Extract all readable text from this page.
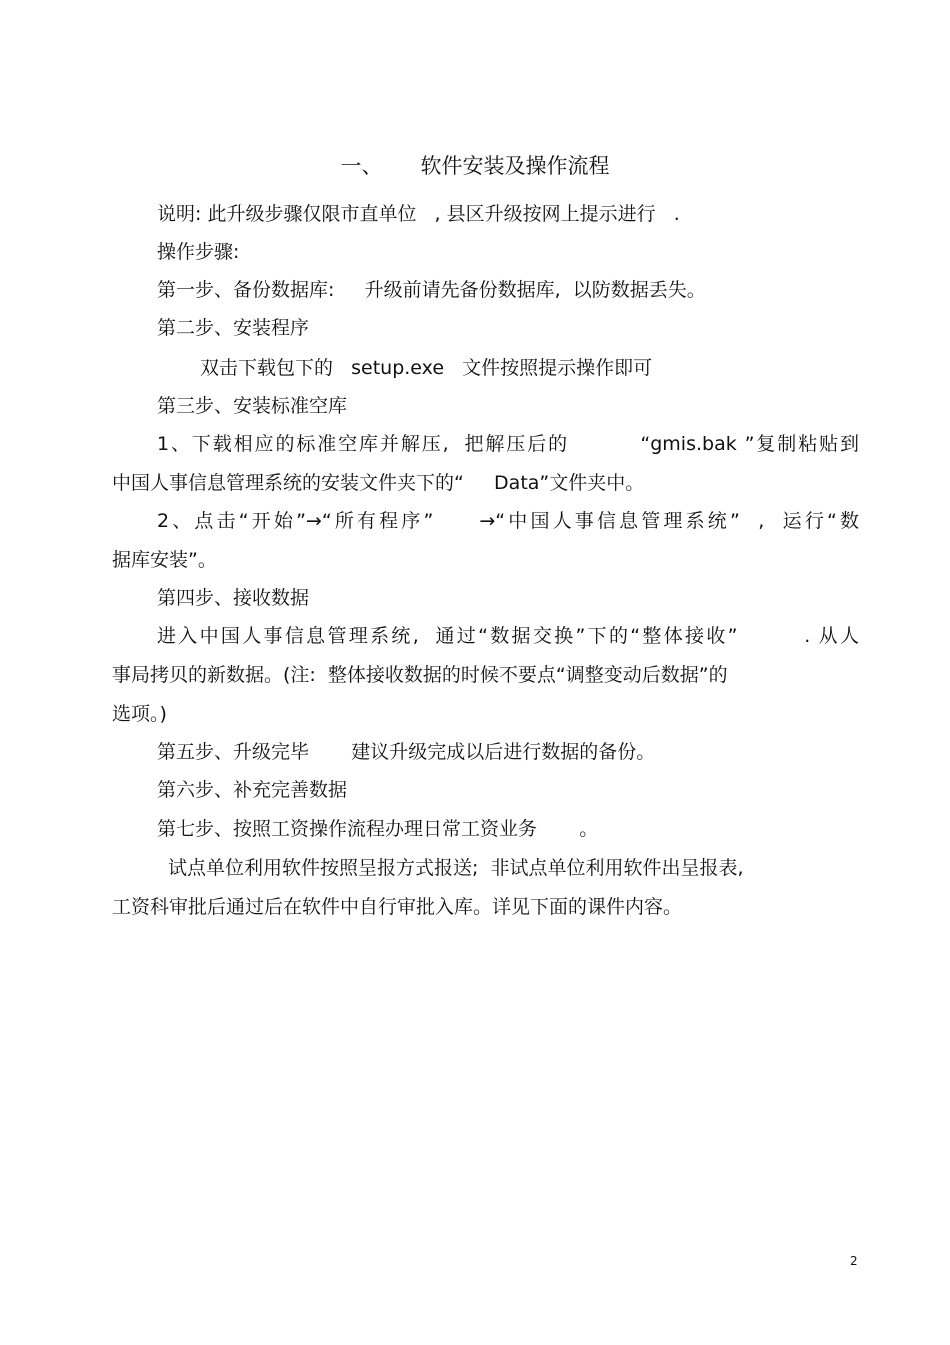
一、 软件安装及操作流程
说明: 此升级步骤仅限市直单位   , 县区升级按网上提示进行   .
操作步骤:
第一步、备份数据库:     升级前请先备份数据库,  以防数据丢失。
第二步、安装程序
双击下载包下的   setup.exe   文件按照提示操作即可
第三步、安装标准空库
1、下载相应的标准空库并解压,  把解压后的         “gmis.bak ”复制粘贴到
中国人事信息管理系统的安装文件夹下的“     Data”文件夹中。
2、点击“开始”→“所有程序”     →“中国人事信息管理系统”  ,  运行“数
据库安装”。
第四步、接收数据
进入中国人事信息管理系统,  通过“数据交换”下的“整体接收”        . 从人
事局拷贝的新数据。(注:  整体接收数据的时候不要点“调整变动后数据”的
选项。)
第五步、升级完毕       建议升级完成以后进行数据的备份。
第六步、补充完善数据
第七步、按照工资操作流程办理日常工资业务       。
试点单位利用软件按照呈报方式报送;  非试点单位利用软件出呈报表,
工资科审批后通过后在软件中自行审批入库。详见下面的课件内容。
2
